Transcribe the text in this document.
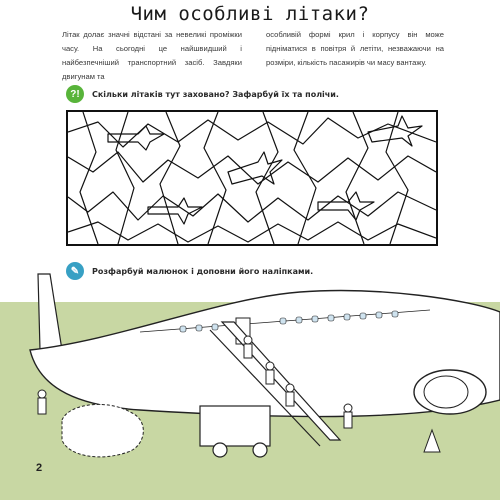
Чим особливі літаки?
Літак долає значні відстані за невеликі проміжки часу. На сьогодні це найшвидший і найбезпечніший транспортний засіб. Завдяки двигунам та
особливій формі крил і корпусу він може підніматися в повітря й летіти, незважаючи на розміри, кількість пасажирів чи масу вантажу.
?!	Скільки літаків тут заховано? Зафарбуй їх та полічи.
✎	Розфарбуй малюнок і доповни його наліпками.
2
